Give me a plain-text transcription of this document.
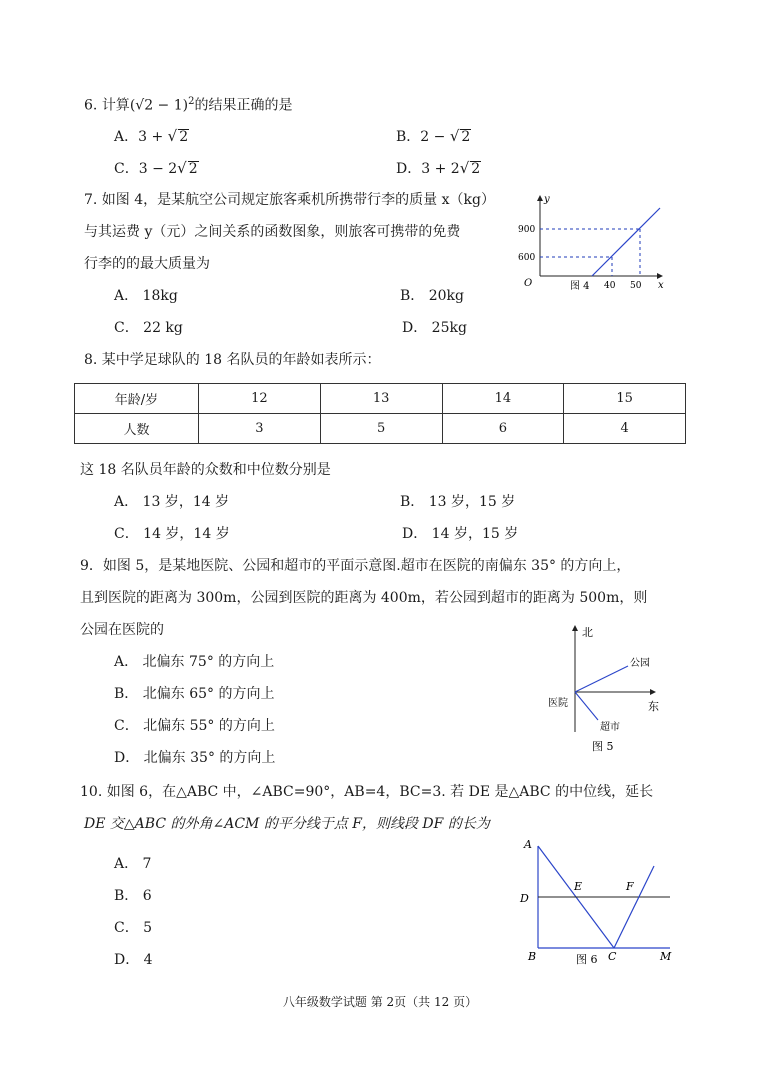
6. 计算$(√2 - 1)^2$的结果正确的是
A．3 + √ 2	B．2 − √ 2
C．3 − 2√ 2	D．3 + 2√ 2
7. 如图 4，是某航空公司规定旅客乘机所携带行李的质量 x（kg）
与其运费 y（元）之间关系的函数图象，则旅客可携带的免费
行李的的最大质量为
A． 18kg	B． 20kg
C． 22 kg	D． 25kg
y
x
O
900
600
40 50
图 4
8. 某中学足球队的 18 名队员的年龄如表所示：
年龄/岁	12	13	14	15
人数	3	5	6	4
这 18 名队员年龄的众数和中位数分别是
A． 13 岁，14 岁	B． 13 岁，15 岁
C． 14 岁，14 岁	D． 14 岁，15 岁
9．如图 5，是某地医院、公园和超市的平面示意图.超市在医院的南偏东 35° 的方向上，
且到医院的距离为 300m，公园到医院的距离为 400m，若公园到超市的距离为 500m，则
公园在医院的
A． 北偏东 75° 的方向上
B． 北偏东 65° 的方向上
C． 北偏东 55° 的方向上
D． 北偏东 35° 的方向上
北
东
医院
公园
超市
图 5
10. 如图 6，在△ABC 中，∠ABC=90°，AB=4，BC=3. 若 DE 是△ABC 的中位线，延长
DE 交△ABC 的外角∠ACM 的平分线于点 F，则线段 DF 的长为
A． 7
B． 6
C． 5
D． 4
A
D
E	F
B	C	M
图 6
八年级数学试题 第 2页（共 12 页）
